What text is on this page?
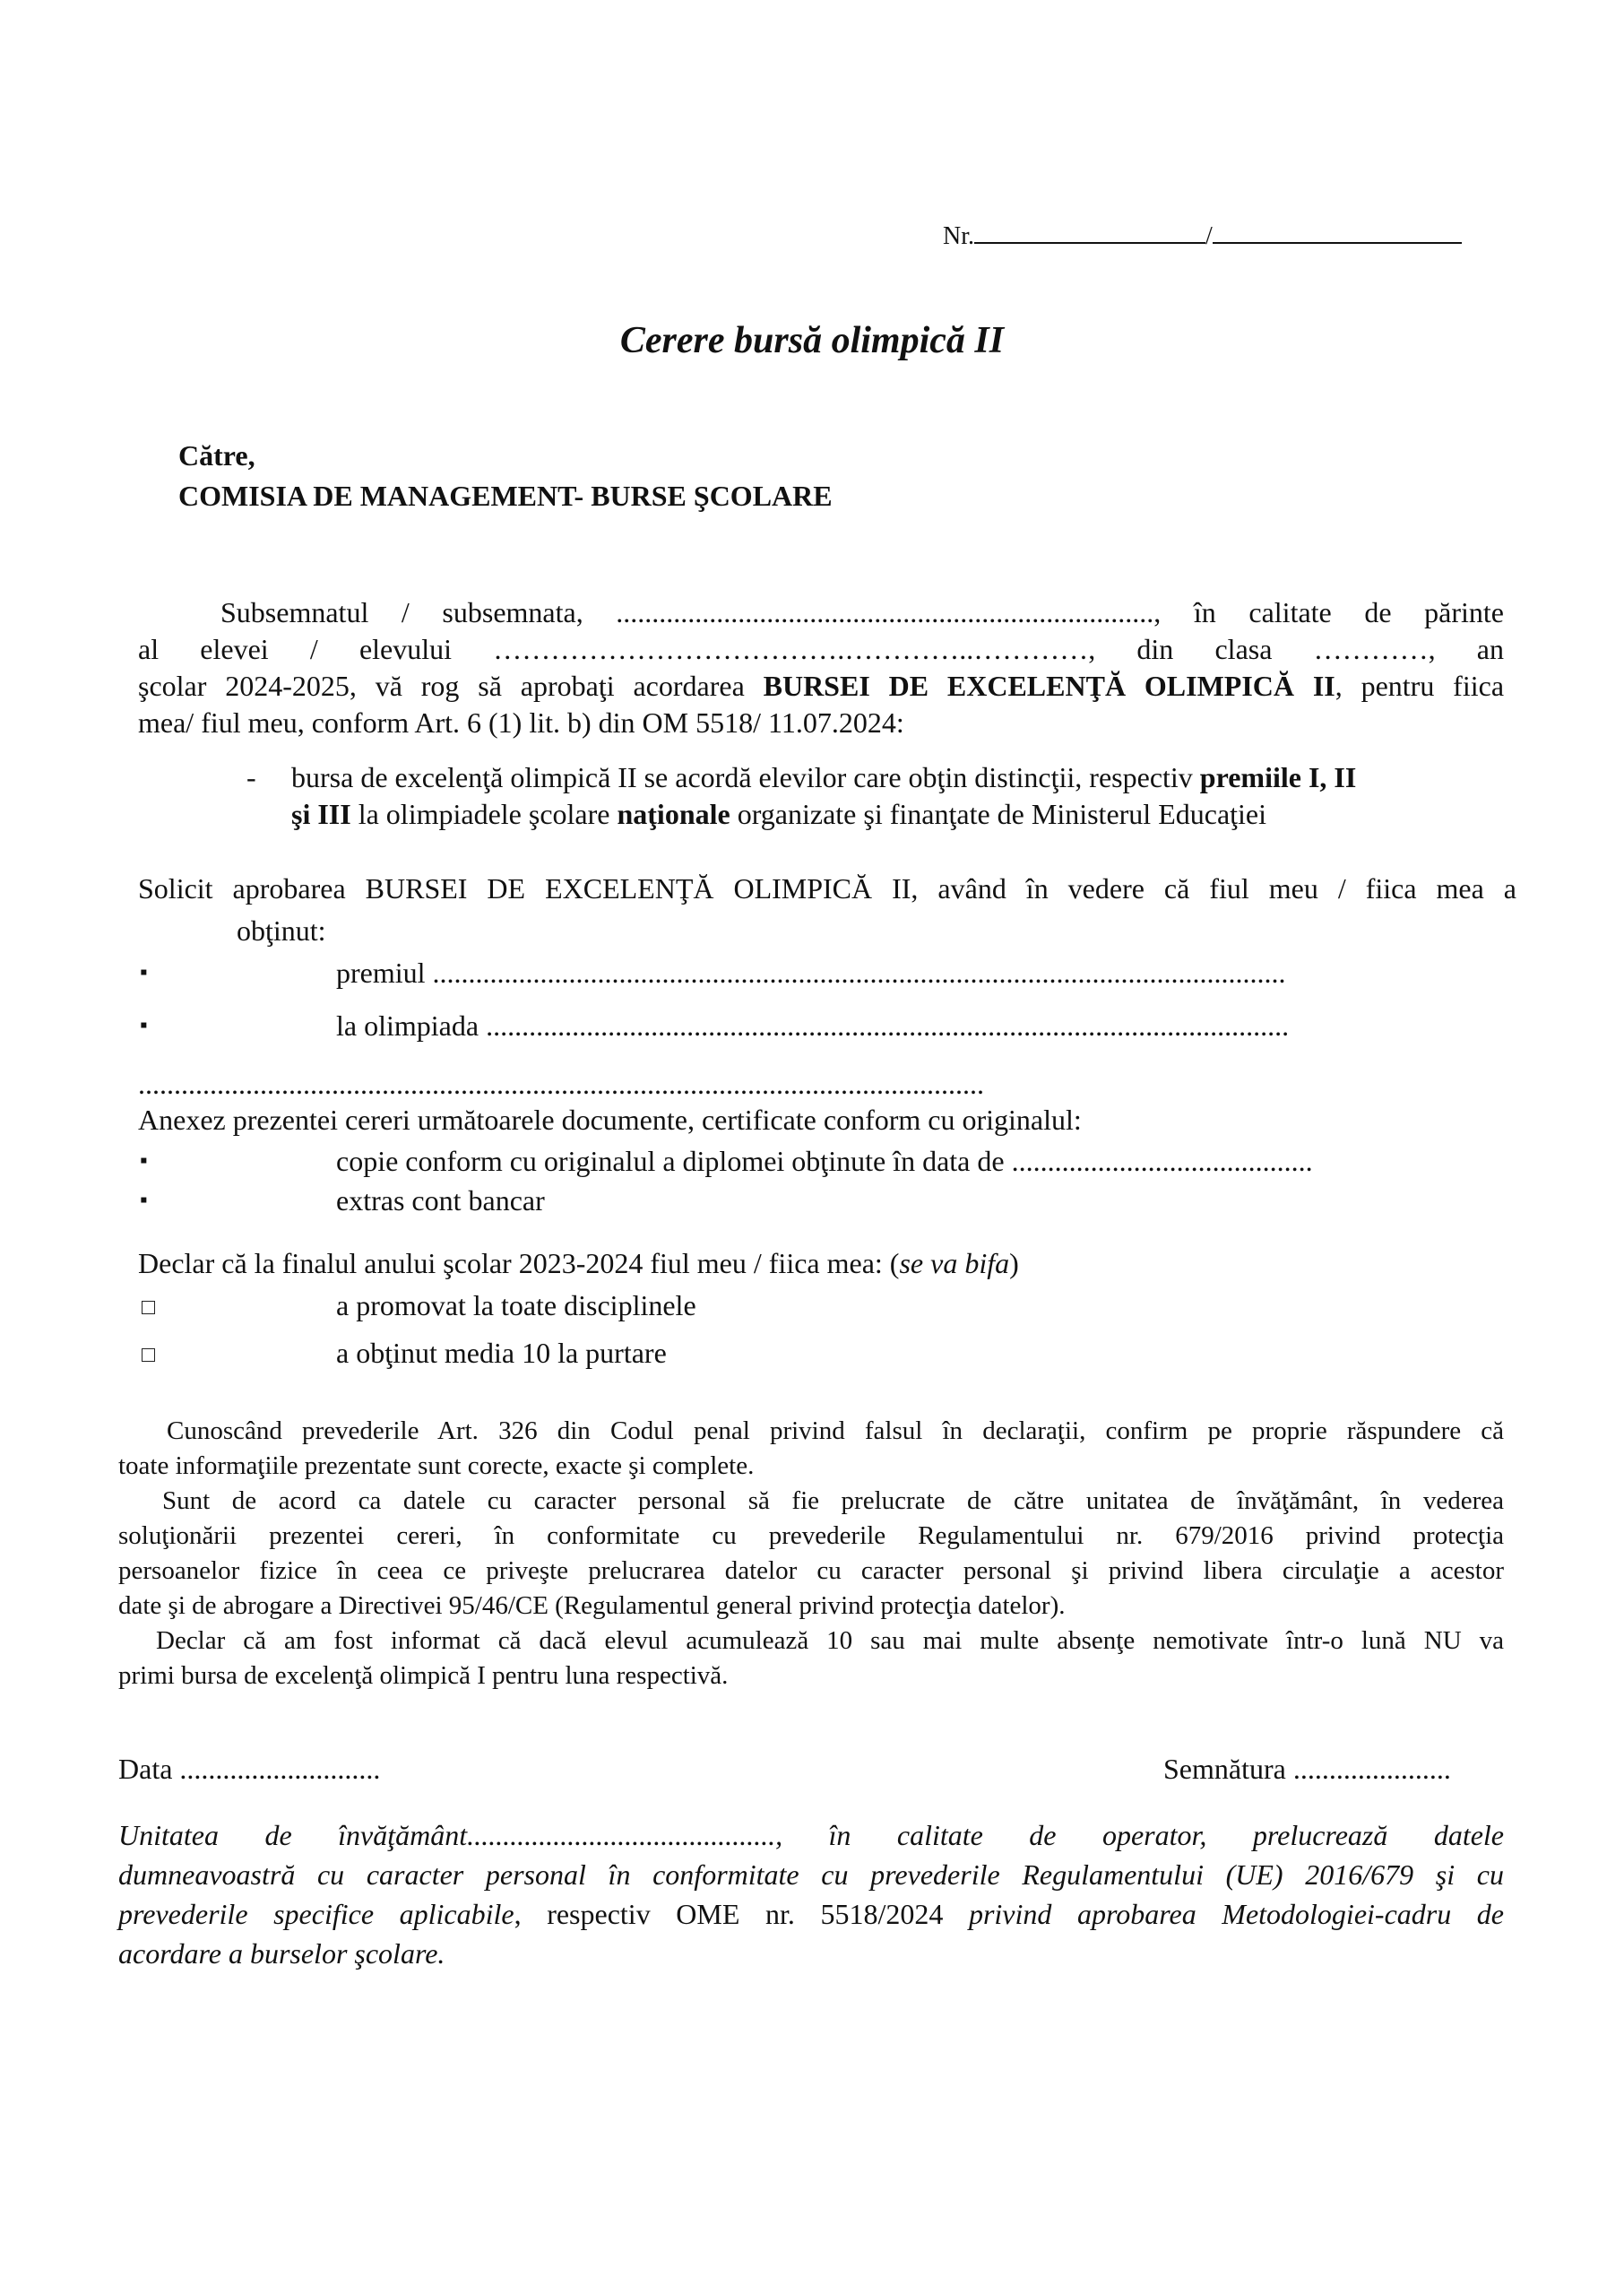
Nr.	/
Cerere bursă olimpică II
Către,
COMISIA DE MANAGEMENT- BURSE ŞCOLARE
Subsemnatul / subsemnata, ..........................................................................., în calitate de părinte
al elevei / elevului ……………………………….…………..…………, din clasa …………, an
şcolar 2024-2025, vă rog să aprobaţi acordarea BURSEI DE EXCELENŢĂ OLIMPICĂ II, pentru fiica
mea/ fiul meu, conform Art. 6 (1) lit. b) din OM 5518/ 11.07.2024:
- bursa de excelenţă olimpică II se acordă elevilor care obţin distincţii, respectiv premiile I, II
şi III la olimpiadele şcolare naţionale organizate şi finanţate de Ministerul Educaţiei
Solicit aprobarea BURSEI DE EXCELENŢĂ OLIMPICĂ II, având în vedere că fiul meu / fiica mea a
obţinut:
▪	premiul .......................................................................................................................
▪	la olimpiada ................................................................................................................
......................................................................................................................
Anexez prezentei cereri următoarele documente, certificate conform cu originalul:
▪	copie conform cu originalul a diplomei obţinute în data de ..........................................
▪	extras cont bancar
Declar că la finalul anului şcolar 2023-2024 fiul meu / fiica mea: (se va bifa)
a promovat la toate disciplinele
a obţinut media 10 la purtare
Cunoscând prevederile Art. 326 din Codul penal privind falsul în declaraţii, confirm pe proprie răspundere că
toate informaţiile prezentate sunt corecte, exacte şi complete.
Sunt de acord ca datele cu caracter personal să fie prelucrate de către unitatea de învăţământ, în vederea
soluţionării prezentei cereri, în conformitate cu prevederile Regulamentului nr. 679/2016 privind protecţia
persoanelor fizice în ceea ce priveşte prelucrarea datelor cu caracter personal şi privind libera circulaţie a acestor
date şi de abrogare a Directivei 95/46/CE (Regulamentul general privind protecţia datelor).
Declar că am fost informat că dacă elevul acumulează 10 sau mai multe absenţe nemotivate într-o lună NU va
primi bursa de excelenţă olimpică I pentru luna respectivă.
Data ............................	Semnătura ......................
Unitatea de învăţământ..........................................., în calitate de operator, prelucrează datele
dumneavoastră cu caracter personal în conformitate cu prevederile Regulamentului (UE) 2016/679 şi cu
prevederile specifice aplicabile, respectiv OME nr. 5518/2024 privind aprobarea Metodologiei-cadru de
acordare a burselor şcolare.
